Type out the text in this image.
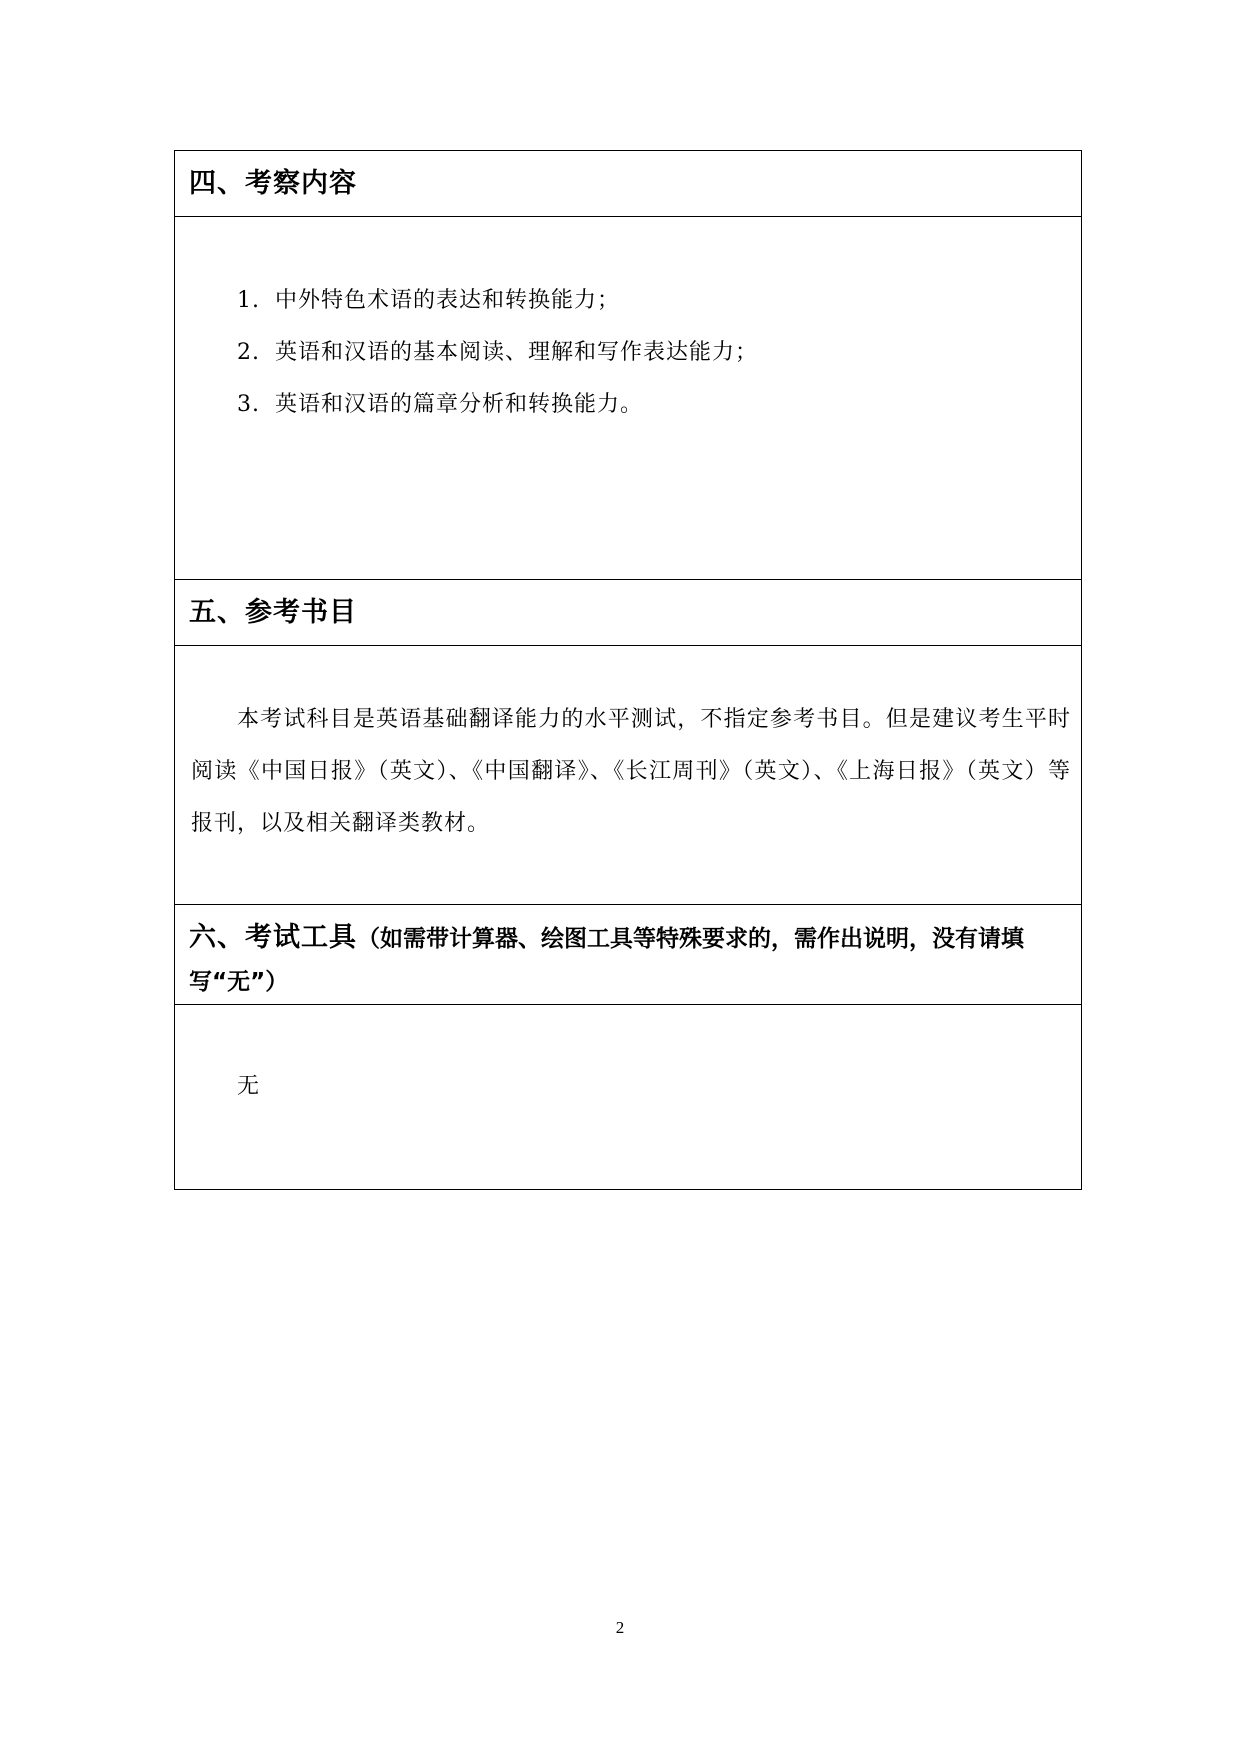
四、考察内容
1. 中外特色术语的表达和转换能力；
2. 英语和汉语的基本阅读、理解和写作表达能力；
3. 英语和汉语的篇章分析和转换能力。
五、参考书目
本考试科目是英语基础翻译能力的水平测试，不指定参考书目。但是建议考生平时阅读《中国日报》（英文）、《中国翻译》、《长江周刊》（英文）、《上海日报》（英文）等报刊，以及相关翻译类教材。
六、考试工具（如需带计算器、绘图工具等特殊要求的，需作出说明，没有请填写“无”）
无
2
